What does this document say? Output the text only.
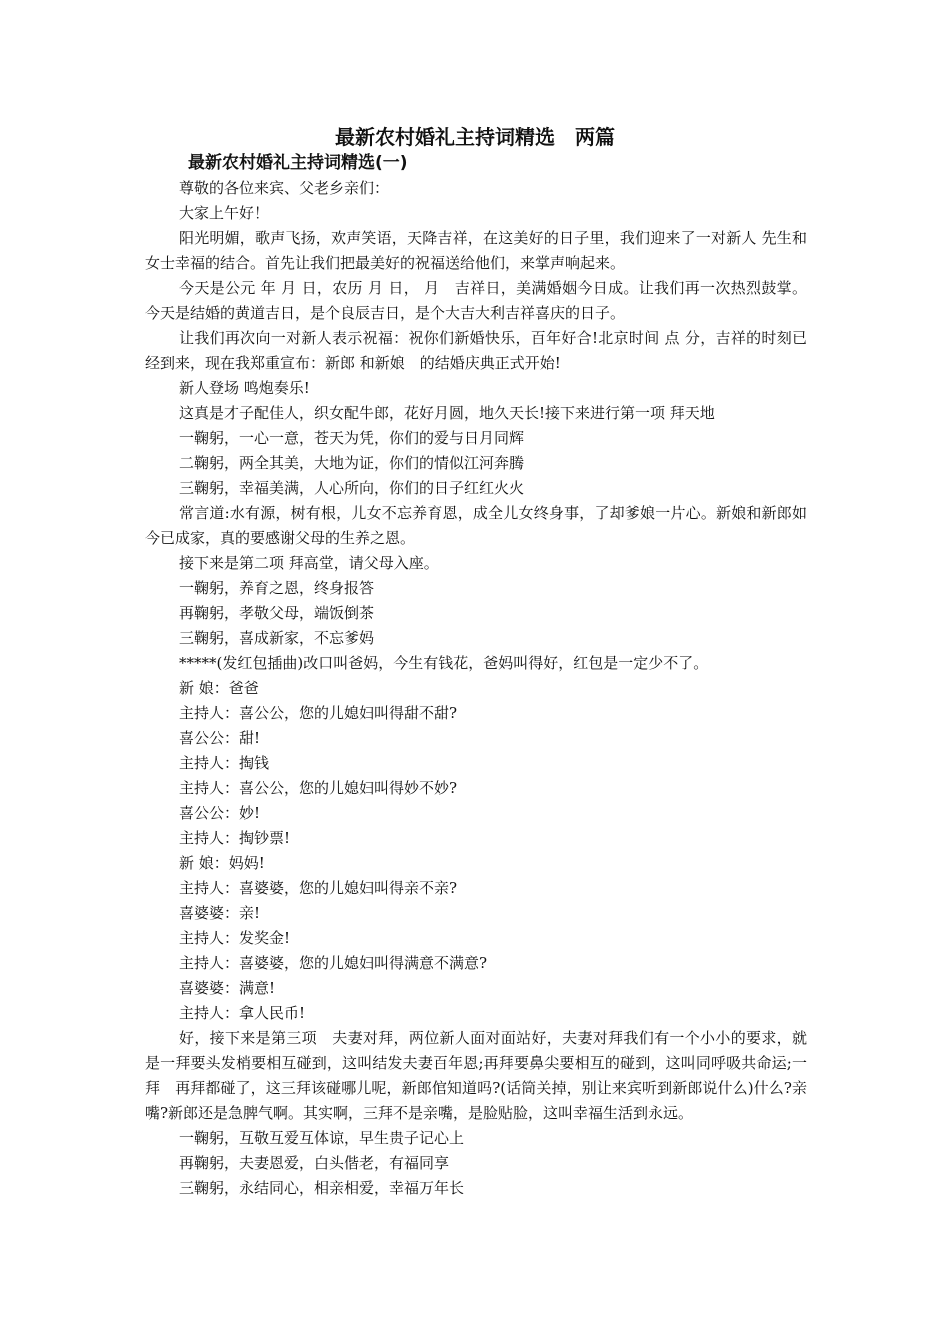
最新农村婚礼主持词精选　两篇
最新农村婚礼主持词精选(一)

尊敬的各位来宾、父老乡亲们：

大家上午好！

阳光明媚，歌声飞扬，欢声笑语，天降吉祥，在这美好的日子里，我们迎来了一对新人 先生和　女士幸福的结合。首先让我们把最美好的祝福送给他们，来掌声响起来。

今天是公元 年 月 日，农历 月 日， 月　吉祥日，美满婚姻今日成。让我们再一次热烈鼓掌。今天是结婚的黄道吉日，是个良辰吉日，是个大吉大利吉祥喜庆的日子。

让我们再次向一对新人表示祝福：祝你们新婚快乐，百年好合!北京时间 点 分，吉祥的时刻已经到来，现在我郑重宣布：新郎 和新娘　的结婚庆典正式开始!

新人登场 鸣炮奏乐!

这真是才子配佳人，织女配牛郎，花好月圆，地久天长!接下来进行第一项 拜天地

一鞠躬，一心一意，苍天为凭，你们的爱与日月同辉

二鞠躬，两全其美，大地为证，你们的情似江河奔腾

三鞠躬，幸福美满，人心所向，你们的日子红红火火

常言道:水有源，树有根，儿女不忘养育恩，成全儿女终身事，了却爹娘一片心。新娘和新郎如今已成家，真的要感谢父母的生养之恩。

接下来是第二项 拜高堂，请父母入座。

一鞠躬，养育之恩，终身报答

再鞠躬，孝敬父母，端饭倒茶

三鞠躬，喜成新家，不忘爹妈

*****(发红包插曲)改口叫爸妈，今生有钱花，爸妈叫得好，红包是一定少不了。

新 娘：爸爸

主持人：喜公公，您的儿媳妇叫得甜不甜?

喜公公：甜!

主持人：掏钱

主持人：喜公公，您的儿媳妇叫得妙不妙?

喜公公：妙!

主持人：掏钞票!

新 娘：妈妈!

主持人：喜婆婆，您的儿媳妇叫得亲不亲?

喜婆婆：亲!

主持人：发奖金!

主持人：喜婆婆，您的儿媳妇叫得满意不满意?

喜婆婆：满意!

主持人：拿人民币!

好，接下来是第三项　夫妻对拜，两位新人面对面站好，夫妻对拜我们有一个小小的要求，就是一拜要头发梢要相互碰到，这叫结发夫妻百年恩;再拜要鼻尖要相互的碰到，这叫同呼吸共命运;一拜　再拜都碰了，这三拜该碰哪儿呢，新郎倌知道吗?(话筒关掉，别让来宾听到新郎说什么)什么?亲嘴?新郎还是急脾气啊。其实啊，三拜不是亲嘴，是脸贴脸，这叫幸福生活到永远。

一鞠躬，互敬互爱互体谅，早生贵子记心上

再鞠躬，夫妻恩爱，白头偕老，有福同享

三鞠躬，永结同心，相亲相爱，幸福万年长
